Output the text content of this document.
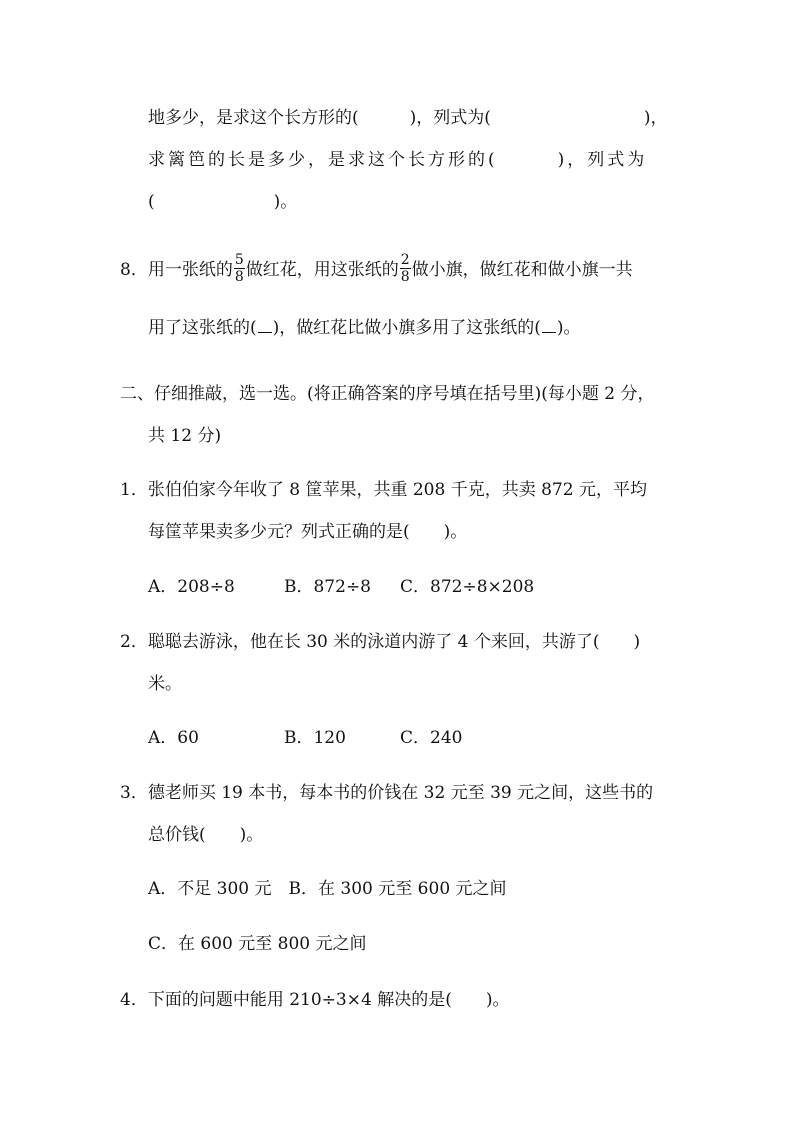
地多少，是求这个长方形的(　　　)，列式为(　　　　　　　　　)，
求篱笆的长是多少，是求这个长方形的(　　　)，列式为
(　　　　　　　)。
8．用一张纸的 $\frac{5}{8}$ 做红花，用这张纸的 $\frac{2}{8}$ 做小旗，做红花和做小旗一共
用了这张纸的( )，做红花比做小旗多用了这张纸的( )。
二、仔细推敲，选一选。(将正确答案的序号填在括号里)(每小题 2 分，
共 12 分)
1．张伯伯家今年收了 8 筐苹果，共重 208 千克，共卖 872 元，平均
每筐苹果卖多少元？列式正确的是(　　)。
A．208÷8	B．872÷8 C．872÷8×208
2．聪聪去游泳，他在长 30 米的泳道内游了 4 个来回，共游了(　　)
米。
A．60	B．120	C．240
3．德老师买 19 本书，每本书的价钱在 32 元至 39 元之间，这些书的
总价钱(　　)。
A．不足 300 元　B．在 300 元至 600 元之间
C．在 600 元至 800 元之间
4．下面的问题中能用 210÷3×4 解决的是(　　)。
